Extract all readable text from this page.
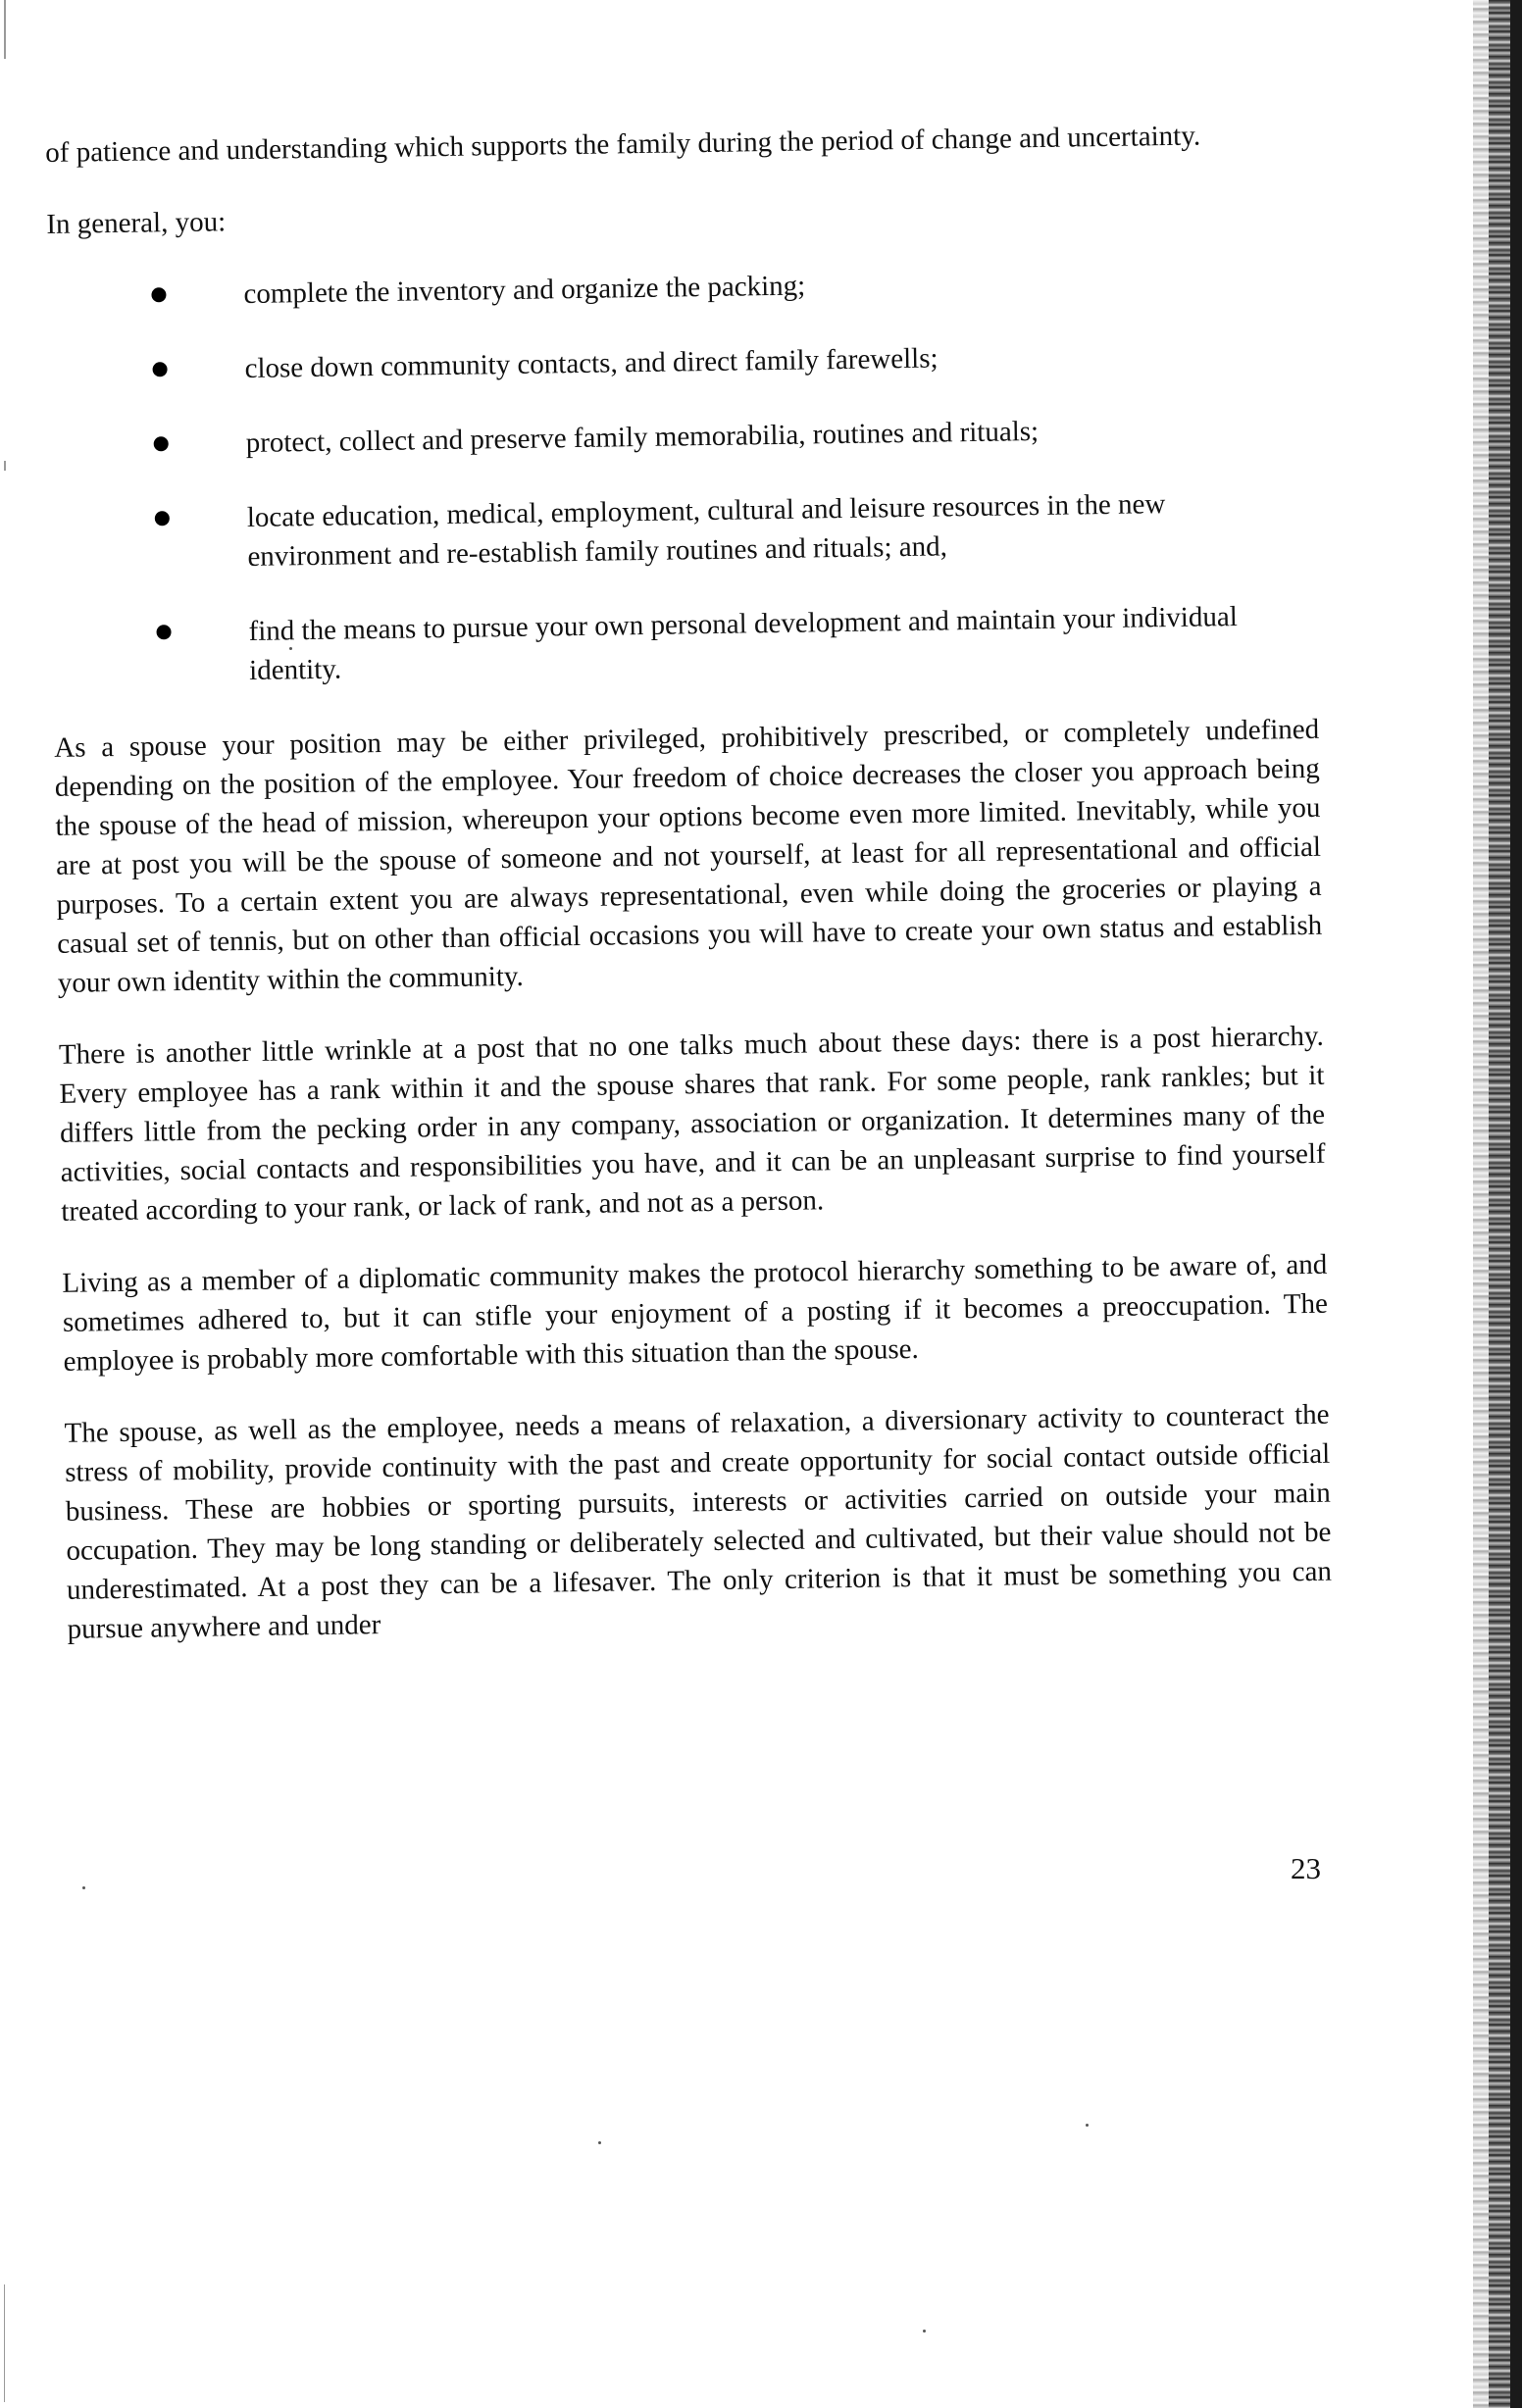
of patience and understanding which supports the family during the period of change and uncertainty.

In general, you:

complete the inventory and organize the packing;
close down community contacts, and direct family farewells;
protect, collect and preserve family memorabilia, routines and rituals;
locate education, medical, employment, cultural and leisure resources in the new environment and re-establish family routines and rituals; and,
find the means to pursue your own personal development and maintain your individual identity.

As a spouse your position may be either privileged, prohibitively prescribed, or completely undefined depending on the position of the employee. Your freedom of choice decreases the closer you approach being the spouse of the head of mission, whereupon your options become even more limited. Inevitably, while you are at post you will be the spouse of someone and not yourself, at least for all representational and official purposes. To a certain extent you are always representational, even while doing the groceries or playing a casual set of tennis, but on other than official occasions you will have to create your own status and establish your own identity within the community.

There is another little wrinkle at a post that no one talks much about these days: there is a post hierarchy. Every employee has a rank within it and the spouse shares that rank. For some people, rank rankles; but it differs little from the pecking order in any company, association or organization. It determines many of the activities, social contacts and responsibilities you have, and it can be an unpleasant surprise to find yourself treated according to your rank, or lack of rank, and not as a person.

Living as a member of a diplomatic community makes the protocol hierarchy something to be aware of, and sometimes adhered to, but it can stifle your enjoyment of a posting if it becomes a preoccupation. The employee is probably more comfortable with this situation than the spouse.

The spouse, as well as the employee, needs a means of relaxation, a diversionary activity to counteract the stress of mobility, provide continuity with the past and create opportunity for social contact outside official business. These are hobbies or sporting pursuits, interests or activities carried on outside your main occupation. They may be long standing or deliberately selected and cultivated, but their value should not be underestimated. At a post they can be a lifesaver. The only criterion is that it must be something you can pursue anywhere and under

23
